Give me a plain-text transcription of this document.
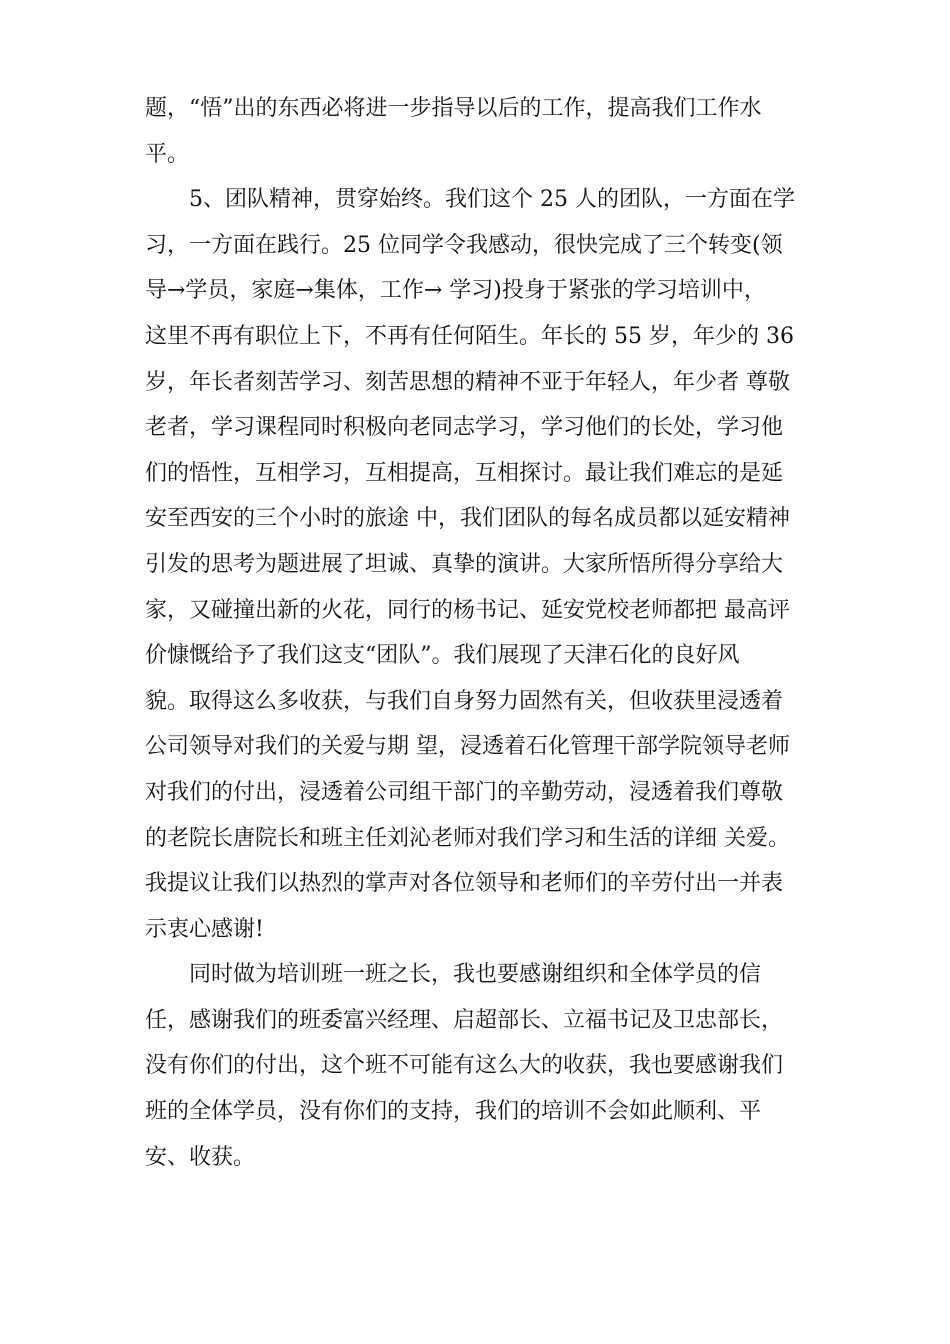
题，“悟”出的东西必将进一步指导以后的工作，提高我们工作水
平。
5、团队精神，贯穿始终。我们这个 25 人的团队，一方面在学
习，一方面在践行。25 位同学令我感动，很快完成了三个转变(领
导→学员，家庭→集体，工作→ 学习)投身于紧张的学习培训中，
这里不再有职位上下，不再有任何陌生。年长的 55 岁，年少的 36
岁，年长者刻苦学习、刻苦思想的精神不亚于年轻人，年少者 尊敬
老者，学习课程同时积极向老同志学习，学习他们的长处，学习他
们的悟性，互相学习，互相提高，互相探讨。最让我们难忘的是延
安至西安的三个小时的旅途 中，我们团队的每名成员都以延安精神
引发的思考为题进展了坦诚、真挚的演讲。大家所悟所得分享给大
家，又碰撞出新的火花，同行的杨书记、延安党校老师都把 最高评
价慷慨给予了我们这支“团队”。我们展现了天津石化的良好风
貌。取得这么多收获，与我们自身努力固然有关，但收获里浸透着
公司领导对我们的关爱与期 望，浸透着石化管理干部学院领导老师
对我们的付出，浸透着公司组干部门的辛勤劳动，浸透着我们尊敬
的老院长唐院长和班主任刘沁老师对我们学习和生活的详细 关爱。
我提议让我们以热烈的掌声对各位领导和老师们的辛劳付出一并表
示衷心感谢!
同时做为培训班一班之长，我也要感谢组织和全体学员的信
任，感谢我们的班委富兴经理、启超部长、立福书记及卫忠部长，
没有你们的付出，这个班不可能有这么大的收获，我也要感谢我们
班的全体学员，没有你们的支持，我们的培训不会如此顺利、平
安、收获。
